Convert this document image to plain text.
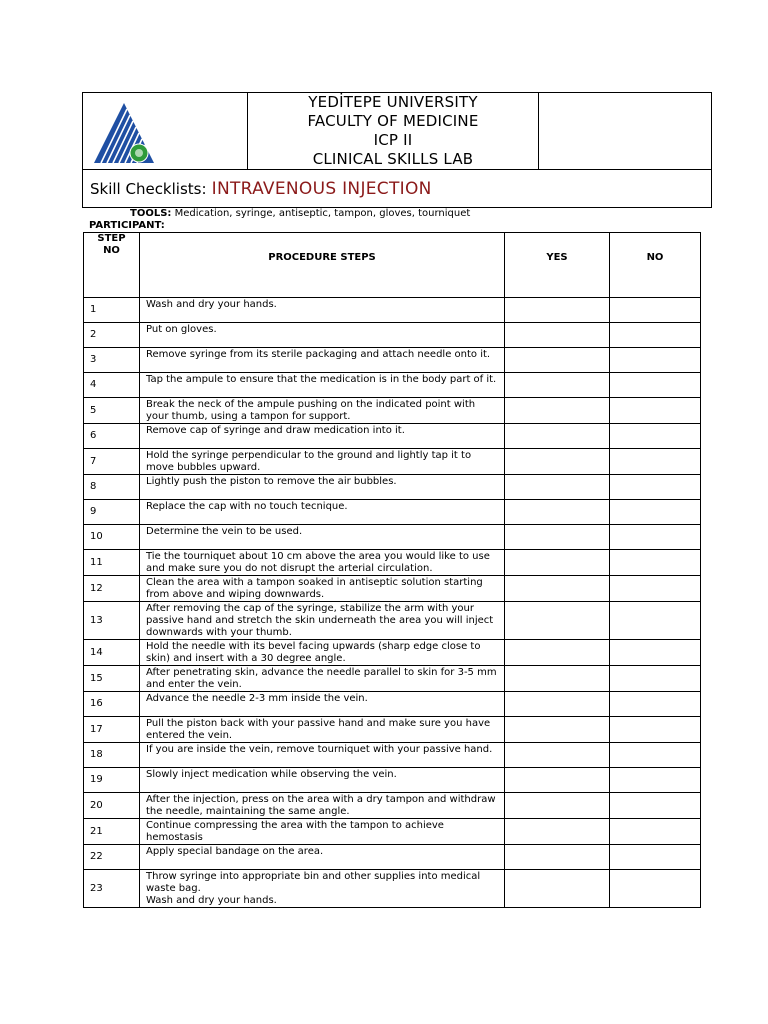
YEDİTEPE UNIVERSITY
FACULTY OF MEDICINE
ICP II
CLINICAL SKILLS LAB

Skill Checklists: INTRAVENOUS INJECTION
TOOLS: Medication, syringe, antiseptic, tampon, gloves, tourniquet
PARTICIPANT:
STEP
NO	PROCEDURE STEPS	YES	NO
1	Wash and dry your hands.		
2	Put on gloves.		
3	Remove syringe from its sterile packaging and attach needle onto it.		
4	Tap the ampule to ensure that the medication is in the body part of it.		
5	Break the neck of the ampule pushing on the indicated point with your thumb, using a tampon for support.		
6	Remove cap of syringe and draw medication into it.		
7	Hold the syringe perpendicular to the ground and lightly tap it to move bubbles upward.		
8	Lightly push the piston to remove the air bubbles.		
9	Replace the cap with no touch tecnique.		
10	Determine the vein to be used.		
11	Tie the tourniquet about 10 cm above the area you would like to use and make sure you do not disrupt the arterial circulation.		
12	Clean the area with a tampon soaked in antiseptic solution starting from above and wiping downwards.		
13	After removing the cap of the syringe, stabilize the arm with your passive hand and stretch the skin underneath the area you will inject downwards with your thumb.		
14	Hold the needle with its bevel facing upwards (sharp edge close to skin) and insert with a 30 degree angle.		
15	After penetrating skin, advance the needle parallel to skin for 3-5 mm and enter the vein.		
16	Advance the needle 2-3 mm inside the vein.		
17	Pull the piston back with your passive hand and make sure you have entered the vein.		
18	If you are inside the vein, remove tourniquet with your passive hand.		
19	Slowly inject medication while observing the vein.		
20	After the injection, press on the area with a dry tampon and withdraw the needle, maintaining the same angle.		
21	Continue compressing the area with the tampon to achieve hemostasis		
22	Apply special bandage on the area.		
23	Throw syringe into appropriate bin and other supplies into medical waste bag.
Wash and dry your hands.		
